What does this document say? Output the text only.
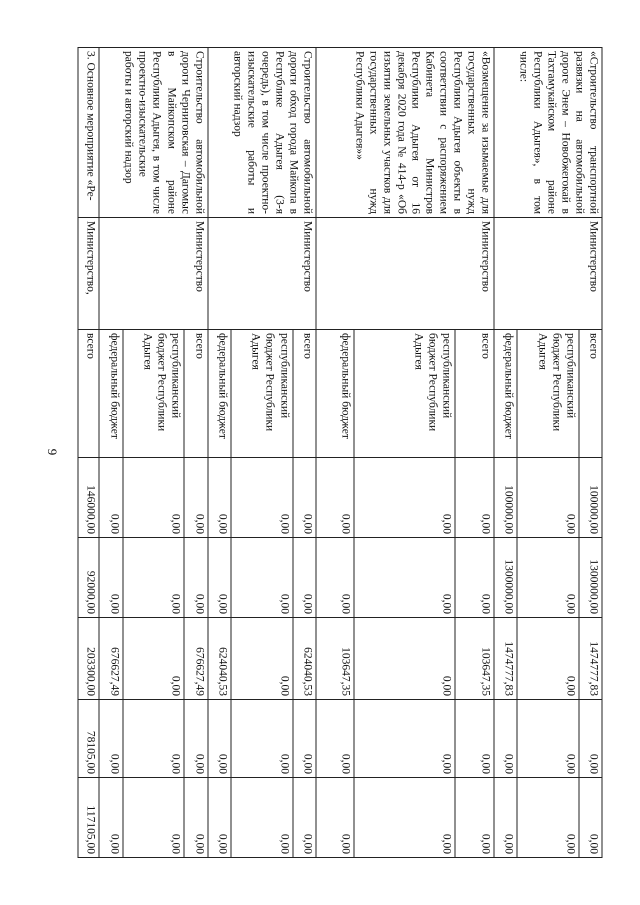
9
«Строительство транспортной развязки на автомобильной дороге Энем – Новобжегокай в Тахтамукайском районе Республики Адыгея», в том числе:	Министерство	всего	100000,00	1300000,00	1474777,83	0,00	0,00
		республиканский бюджет Республики Адыгея	0,00	0,00	0,00	0,00	0,00
		федеральный бюджет	100000,00	1300000,00	1474777,83	0,00	0,00
«Возмещение за изымаемые для государственных нужд Республики Адыгея объекты в соответствии с распоряжением Кабинета Министров Республики Адыгея от 16 декабря 2020 года № 414-р «Об изъятии земельных участков для государственных нужд Республики Адыгея»»	Министерство	всего	0,00	0,00	103647,35	0,00	0,00
		республиканский бюджет Республики Адыгея	0,00	0,00	0,00	0,00	0,00
		федеральный бюджет	0,00	0,00	103647,35	0,00	0,00
Строительство автомобильной дороги обход города Майкопа в Республике Адыгея (3-я очередь), в том числе проектно-изыскательские работы и авторский надзор	Министерство	всего	0,00	0,00	624040,53	0,00	0,00
		республиканский бюджет Республики Адыгея	0,00	0,00	0,00	0,00	0,00
		федеральный бюджет	0,00	0,00	624040,53	0,00	0,00
Строительство автомобильной дороги Черниговская – Дагомыс в Майкопском районе Республики Адыгея, в том числе проектно-изыскательские работы и авторский надзор	Министерство	всего	0,00	0,00	676627,49	0,00	0,00
		республиканский бюджет Республики Адыгея	0,00	0,00	0,00	0,00	0,00
		федеральный бюджет	0,00	0,00	676627,49	0,00	0,00
3. Основное мероприятие «Ре-	Министерство,	всего	146000,00	92000,00	203300,00	78105,00	117105,00
